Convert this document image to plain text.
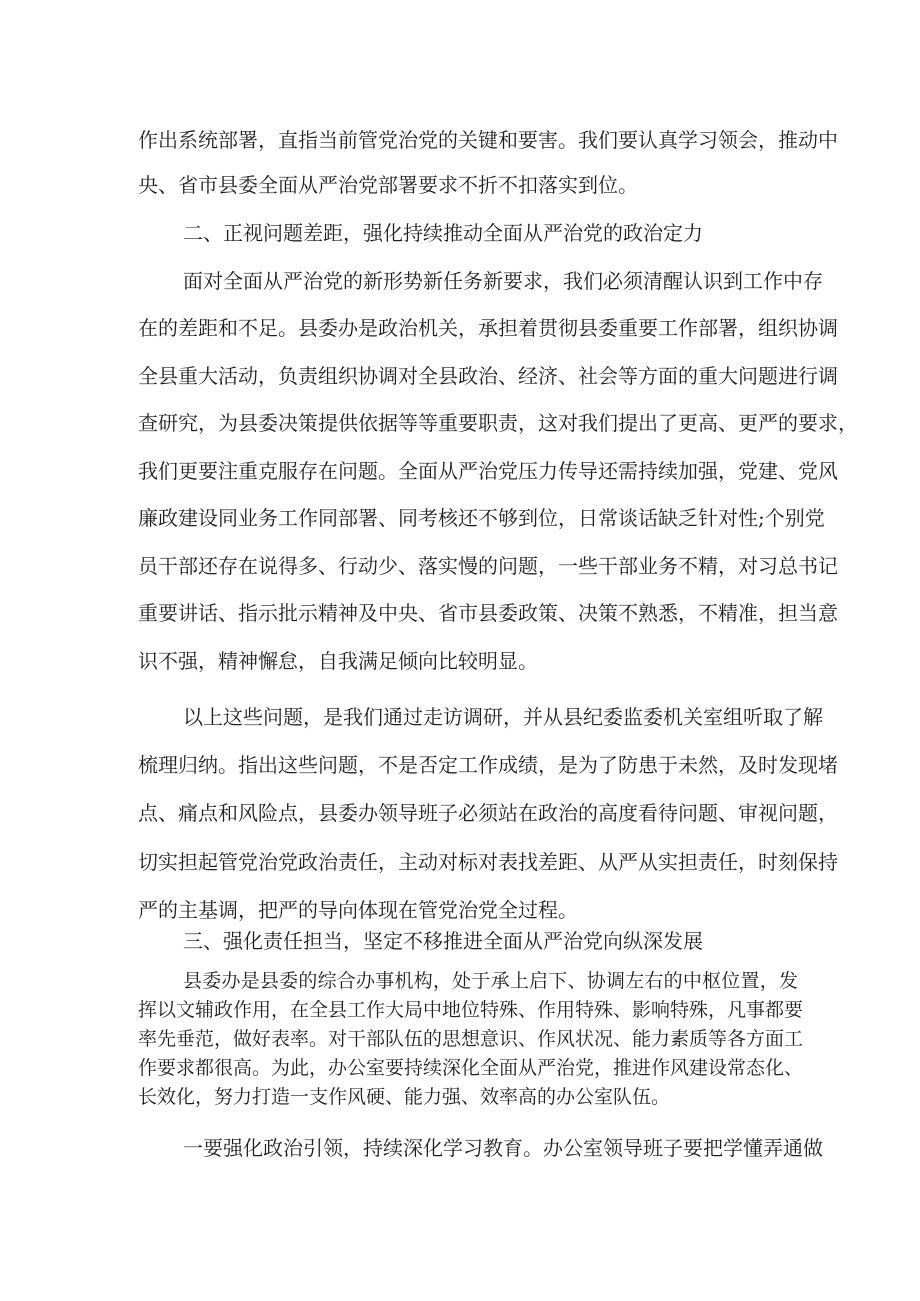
作出系统部署，直指当前管党治党的关键和要害。我们要认真学习领会，推动中
央、省市县委全面从严治党部署要求不折不扣落实到位。
二、正视问题差距，强化持续推动全面从严治党的政治定力
面对全面从严治党的新形势新任务新要求，我们必须清醒认识到工作中存
在的差距和不足。县委办是政治机关，承担着贯彻县委重要工作部署，组织协调
全县重大活动，负责组织协调对全县政治、经济、社会等方面的重大问题进行调
查研究，为县委决策提供依据等等重要职责，这对我们提出了更高、更严的要求，
我们更要注重克服存在问题。全面从严治党压力传导还需持续加强，党建、党风
廉政建设同业务工作同部署、同考核还不够到位，日常谈话缺乏针对性;个别党
员干部还存在说得多、行动少、落实慢的问题，一些干部业务不精，对习总书记
重要讲话、指示批示精神及中央、省市县委政策、决策不熟悉，不精准，担当意
识不强，精神懈怠，自我满足倾向比较明显。
以上这些问题，是我们通过走访调研，并从县纪委监委机关室组听取了解
梳理归纳。指出这些问题，不是否定工作成绩，是为了防患于未然，及时发现堵
点、痛点和风险点，县委办领导班子必须站在政治的高度看待问题、审视问题，
切实担起管党治党政治责任，主动对标对表找差距、从严从实担责任，时刻保持
严的主基调，把严的导向体现在管党治党全过程。
三、强化责任担当，坚定不移推进全面从严治党向纵深发展
县委办是县委的综合办事机构，处于承上启下、协调左右的中枢位置，发
挥以文辅政作用，在全县工作大局中地位特殊、作用特殊、影响特殊，凡事都要
率先垂范，做好表率。对干部队伍的思想意识、作风状况、能力素质等各方面工
作要求都很高。为此，办公室要持续深化全面从严治党，推进作风建设常态化、
长效化，努力打造一支作风硬、能力强、效率高的办公室队伍。
一要强化政治引领，持续深化学习教育。办公室领导班子要把学懂弄通做
